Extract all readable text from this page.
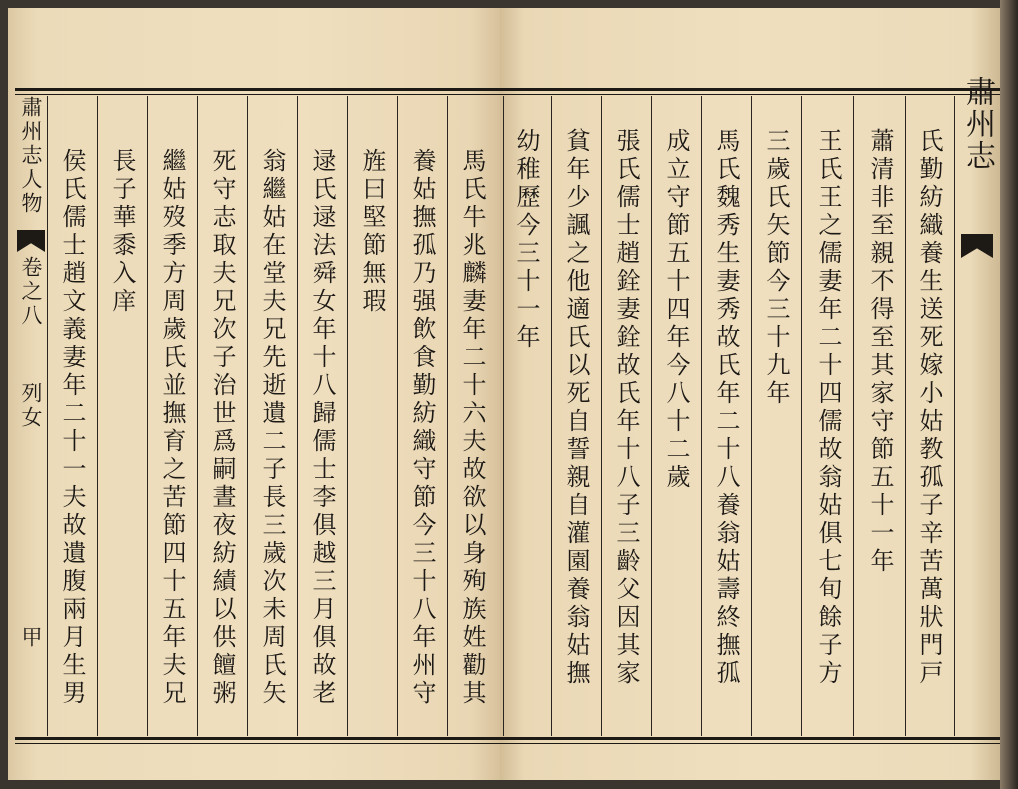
肅州志人物
卷之八
列女
甲	馬氏牛兆麟妻年二十六夫故欲以身殉族姓勸其
養姑撫孤乃强飲食勤紡織守節今三十八年州守
旌曰堅節無瑕
逯氏逯法舜女年十八歸儒士李俱越三月俱故老
翁繼姑在堂夫兄先逝遺二子長三歲次未周氏矢
死守志取夫兄次子治世爲嗣晝夜紡績以供饘粥
繼姑歿季方周歲氏並撫育之苦節四十五年夫兄
長子華黍入庠
侯氏儒士趙文義妻年二十一夫故遺腹兩月生男	氏勤紡織養生送死嫁小姑教孤子辛苦萬狀門戸
蕭清非至親不得至其家守節五十一年
王氏王之儒妻年二十四儒故翁姑俱七旬餘子方
三歲氏矢節今三十九年
馬氏魏秀生妻秀故氏年二十八養翁姑壽終撫孤
成立守節五十四年今八十二歲
張氏儒士趙銓妻銓故氏年十八子三齡父因其家
貧年少諷之他適氏以死自誓親自灌園養翁姑撫
幼稚歷今三十一年
肅州志
